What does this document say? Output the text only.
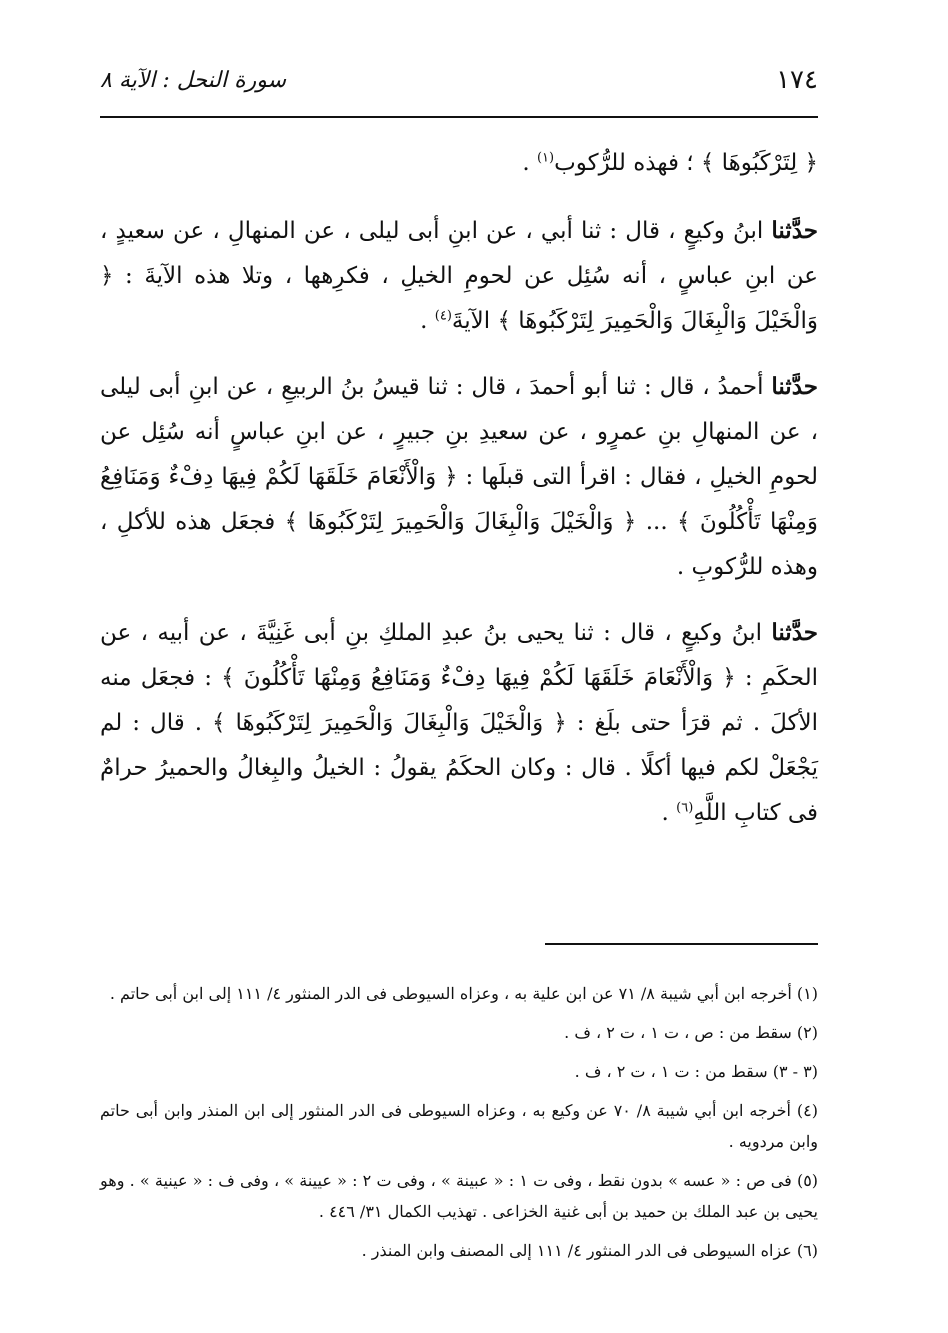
١٧٤
سورة النحل : الآية ٨

﴿ لِتَرْكَبُوهَا ﴾ ؛ فهذه للرُّكوب$^{(١)}$ .

حدَّثنا ابنُ وكيعٍ ، قال : ثنا أبي ، عن ابنِ أبى ليلى ، عن المنهالِ ، عن سعيدٍ ، عن ابنِ عباسٍ ، أنه سُئِل عن لحومِ الخيلِ ، فكرِهها ، وتلا هذه الآيةَ : ﴿ وَالْخَيْلَ وَالْبِغَالَ وَالْحَمِيرَ لِتَرْكَبُوهَا ﴾ الآيةَ$^{(٤)}$ .

حدَّثنا أحمدُ ، قال : ثنا أبو أحمدَ ، قال : ثنا قيسُ بنُ الربيعِ ، عن ابنِ أبى ليلى ، عن المنهالِ بنِ عمرٍو ، عن سعيدِ بنِ جبيرٍ ، عن ابنِ عباسٍ أنه سُئِل عن لحومِ الخيلِ ، فقال : اقرأ التى قبلَها : ﴿ وَالْأَنْعَامَ خَلَقَهَا لَكُمْ فِيهَا دِفْءٌ وَمَنَافِعُ وَمِنْهَا تَأْكُلُونَ ﴾ ... ﴿ وَالْخَيْلَ وَالْبِغَالَ وَالْحَمِيرَ لِتَرْكَبُوهَا ﴾ فجعَل هذه للأكلِ ، وهذه للرُّكوبِ .

حدَّثنا ابنُ وكيعٍ ، قال : ثنا يحيى بنُ عبدِ الملكِ بنِ أبى غَنِيَّةَ ، عن أبيه ، عن الحكَمِ : ﴿ وَالْأَنْعَامَ خَلَقَهَا لَكُمْ فِيهَا دِفْءٌ وَمَنَافِعُ وَمِنْهَا تَأْكُلُونَ ﴾ : فجعَل منه الأكلَ . ثم قرَأ حتى بلَغ : ﴿ وَالْخَيْلَ وَالْبِغَالَ وَالْحَمِيرَ لِتَرْكَبُوهَا ﴾ . قال : لم يَجْعَلْ لكم فيها أكلًا . قال : وكان الحكَمُ يقولُ : الخيلُ والبِغالُ والحميرُ حرامٌ فى كتابِ اللَّهِ$^{(٦)}$ .

(١) أخرجه ابن أبي شيبة ٨/ ٧١ عن ابن علية به ، وعزاه السيوطى فى الدر المنثور ٤/ ١١١ إلى ابن أبى حاتم .

(٢) سقط من : ص ، ت ١ ، ت ٢ ، ف .

(٣ - ٣) سقط من : ت ١ ، ت ٢ ، ف .

(٤) أخرجه ابن أبي شيبة ٨/ ٧٠ عن وكيع به ، وعزاه السيوطى فى الدر المنثور إلى ابن المنذر وابن أبى حاتم وابن مردويه .

(٥) فى ص : « عسه » بدون نقط ، وفى ت ١ : « عبينة » ، وفى ت ٢ : « عيينة » ، وفى ف : « عينية » . وهو يحيى بن عبد الملك بن حميد بن أبى غنية الخزاعى . تهذيب الكمال ٣١/ ٤٤٦ .

(٦) عزاه السيوطى فى الدر المنثور ٤/ ١١١ إلى المصنف وابن المنذر .
